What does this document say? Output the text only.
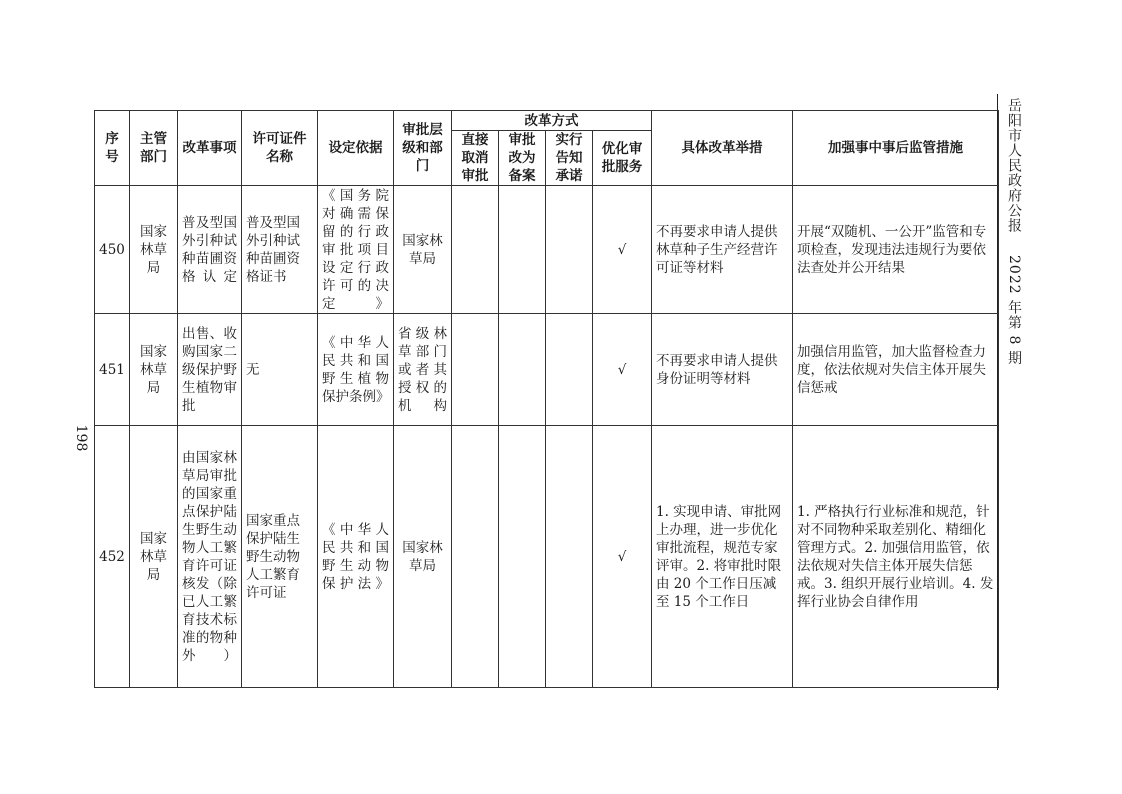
198
岳阳市人民政府公报2022 年第 8 期
序号	主管部门	改革事项	许可证件名称	设定依据	审批层级和部门	改革方式				具体改革举措	加强事中事后监管措施
						直接取消审批	审批改为备案	实行告知承诺	优化审批服务		
450	国家林草局	普及型国外引种试种苗圃资格认定	普及型国外引种试种苗圃资格证书	《国务院对确需保留的行政审批项目设定行政许可的决定》	国家林草局				√	不再要求申请人提供林草种子生产经营许可证等材料	开展“双随机、一公开”监管和专项检查，发现违法违规行为要依法查处并公开结果
451	国家林草局	出售、收购国家二级保护野生植物审批	无	《中华人民共和国野生植物保护条例》	省级林草部门或者其授权的机构				√	不再要求申请人提供身份证明等材料	加强信用监管，加大监督检查力度，依法依规对失信主体开展失信惩戒
452	国家林草局	由国家林草局审批的国家重点保护陆生野生动物人工繁育许可证核发（除已人工繁育技术标准的物种外）	国家重点保护陆生野生动物人工繁育许可证	《中华人民共和国野生动物保护法》	国家林草局				√	1. 实现申请、审批网上办理，进一步优化审批流程，规范专家评审。2. 将审批时限由 20 个工作日压减至 15 个工作日	1. 严格执行行业标准和规范，针对不同物种采取差别化、精细化管理方式。2. 加强信用监管，依法依规对失信主体开展失信惩戒。3. 组织开展行业培训。4. 发挥行业协会自律作用
